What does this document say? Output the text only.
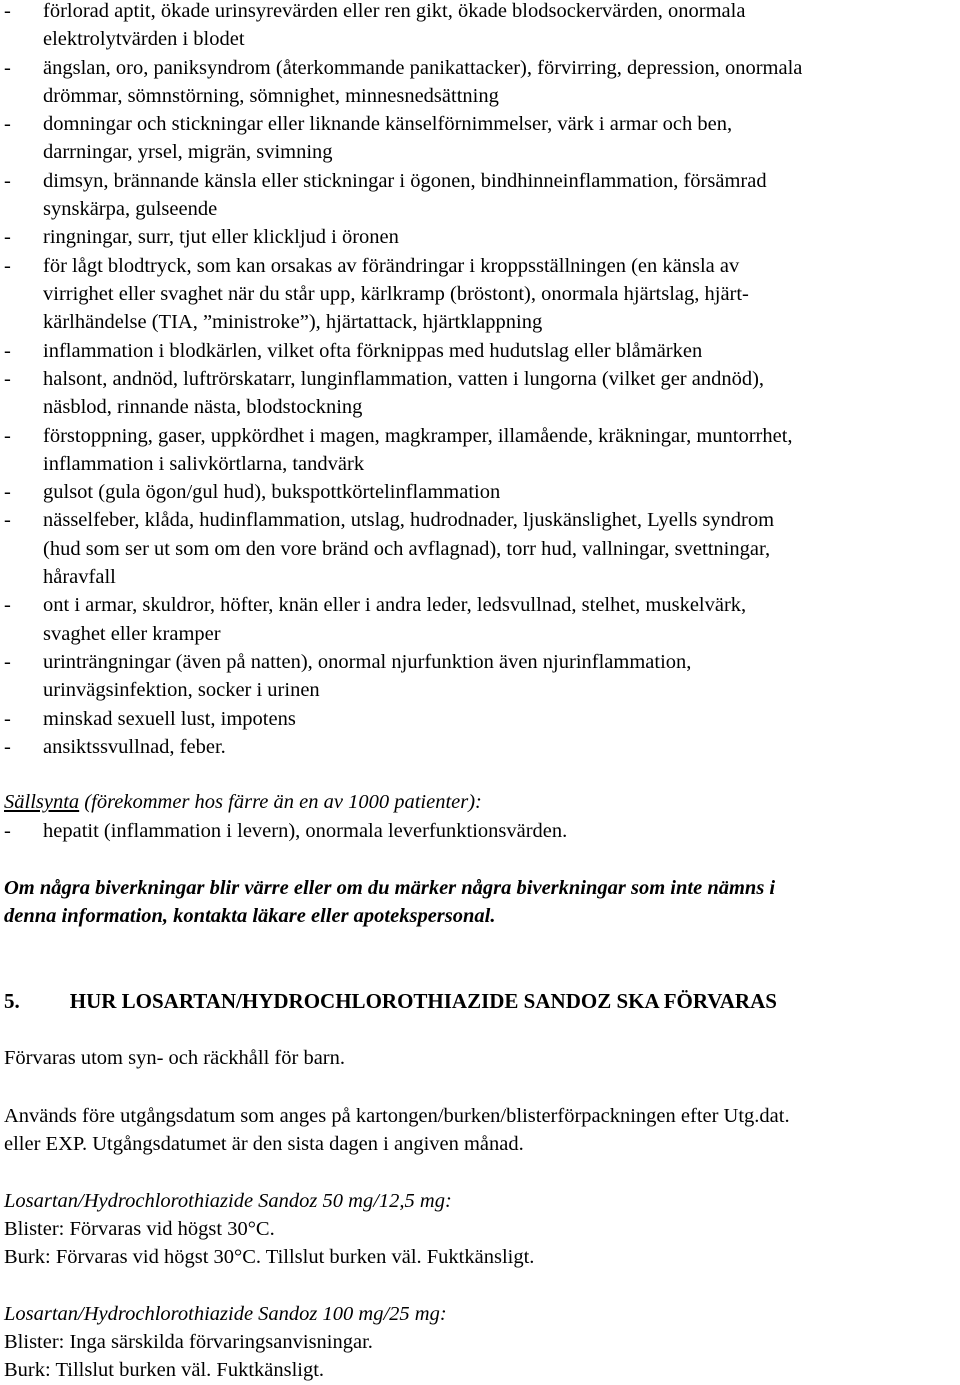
-	förlorad aptit, ökade urinsyrevärden eller ren gikt, ökade blodsockervärden, onormala
elektrolytvärden i blodet
-	ängslan, oro, paniksyndrom (återkommande panikattacker), förvirring, depression, onormala
drömmar, sömnstörning, sömnighet, minnesnedsättning
-	domningar och stickningar eller liknande känselförnimmelser, värk i armar och ben,
darrningar, yrsel, migrän, svimning
-	dimsyn, brännande känsla eller stickningar i ögonen, bindhinneinflammation, försämrad
synskärpa, gulseende
-	ringningar, surr, tjut eller klickljud i öronen
-	för lågt blodtryck, som kan orsakas av förändringar i kroppsställningen (en känsla av
virrighet eller svaghet när du står upp, kärlkramp (bröstont), onormala hjärtslag, hjärt-
kärlhändelse (TIA, ”ministroke”), hjärtattack, hjärtklappning
-	inflammation i blodkärlen, vilket ofta förknippas med hudutslag eller blåmärken
-	halsont, andnöd, luftrörskatarr, lunginflammation, vatten i lungorna (vilket ger andnöd),
näsblod, rinnande nästa, blodstockning
-	förstoppning, gaser, uppkördhet i magen, magkramper, illamående, kräkningar, muntorrhet,
inflammation i salivkörtlarna, tandvärk
-	gulsot (gula ögon/gul hud), bukspottkörtelinflammation
-	nässelfeber, klåda, hudinflammation, utslag, hudrodnader, ljuskänslighet, Lyells syndrom
(hud som ser ut som om den vore bränd och avflagnad), torr hud, vallningar, svettningar,
håravfall
-	ont i armar, skuldror, höfter, knän eller i andra leder, ledsvullnad, stelhet, muskelvärk,
svaghet eller kramper
-	urinträngningar (även på natten), onormal njurfunktion även njurinflammation,
urinvägsinfektion, socker i urinen
-	minskad sexuell lust, impotens
-	ansiktssvullnad, feber.
Sällsynta (förekommer hos färre än en av 1000 patienter):
-	hepatit (inflammation i levern), onormala leverfunktionsvärden.
Om några biverkningar blir värre eller om du märker några biverkningar som inte nämns i
denna information, kontakta läkare eller apotekspersonal.
5. HUR LOSARTAN/HYDROCHLOROTHIAZIDE SANDOZ SKA FÖRVARAS
Förvaras utom syn- och räckhåll för barn.
Används före utgångsdatum som anges på kartongen/burken/blisterförpackningen efter Utg.dat.
eller EXP. Utgångsdatumet är den sista dagen i angiven månad.
Losartan/Hydrochlorothiazide Sandoz 50 mg/12,5 mg:
Blister: Förvaras vid högst 30°C.
Burk: Förvaras vid högst 30°C. Tillslut burken väl. Fuktkänsligt.
Losartan/Hydrochlorothiazide Sandoz 100 mg/25 mg:
Blister: Inga särskilda förvaringsanvisningar.
Burk: Tillslut burken väl. Fuktkänsligt.
